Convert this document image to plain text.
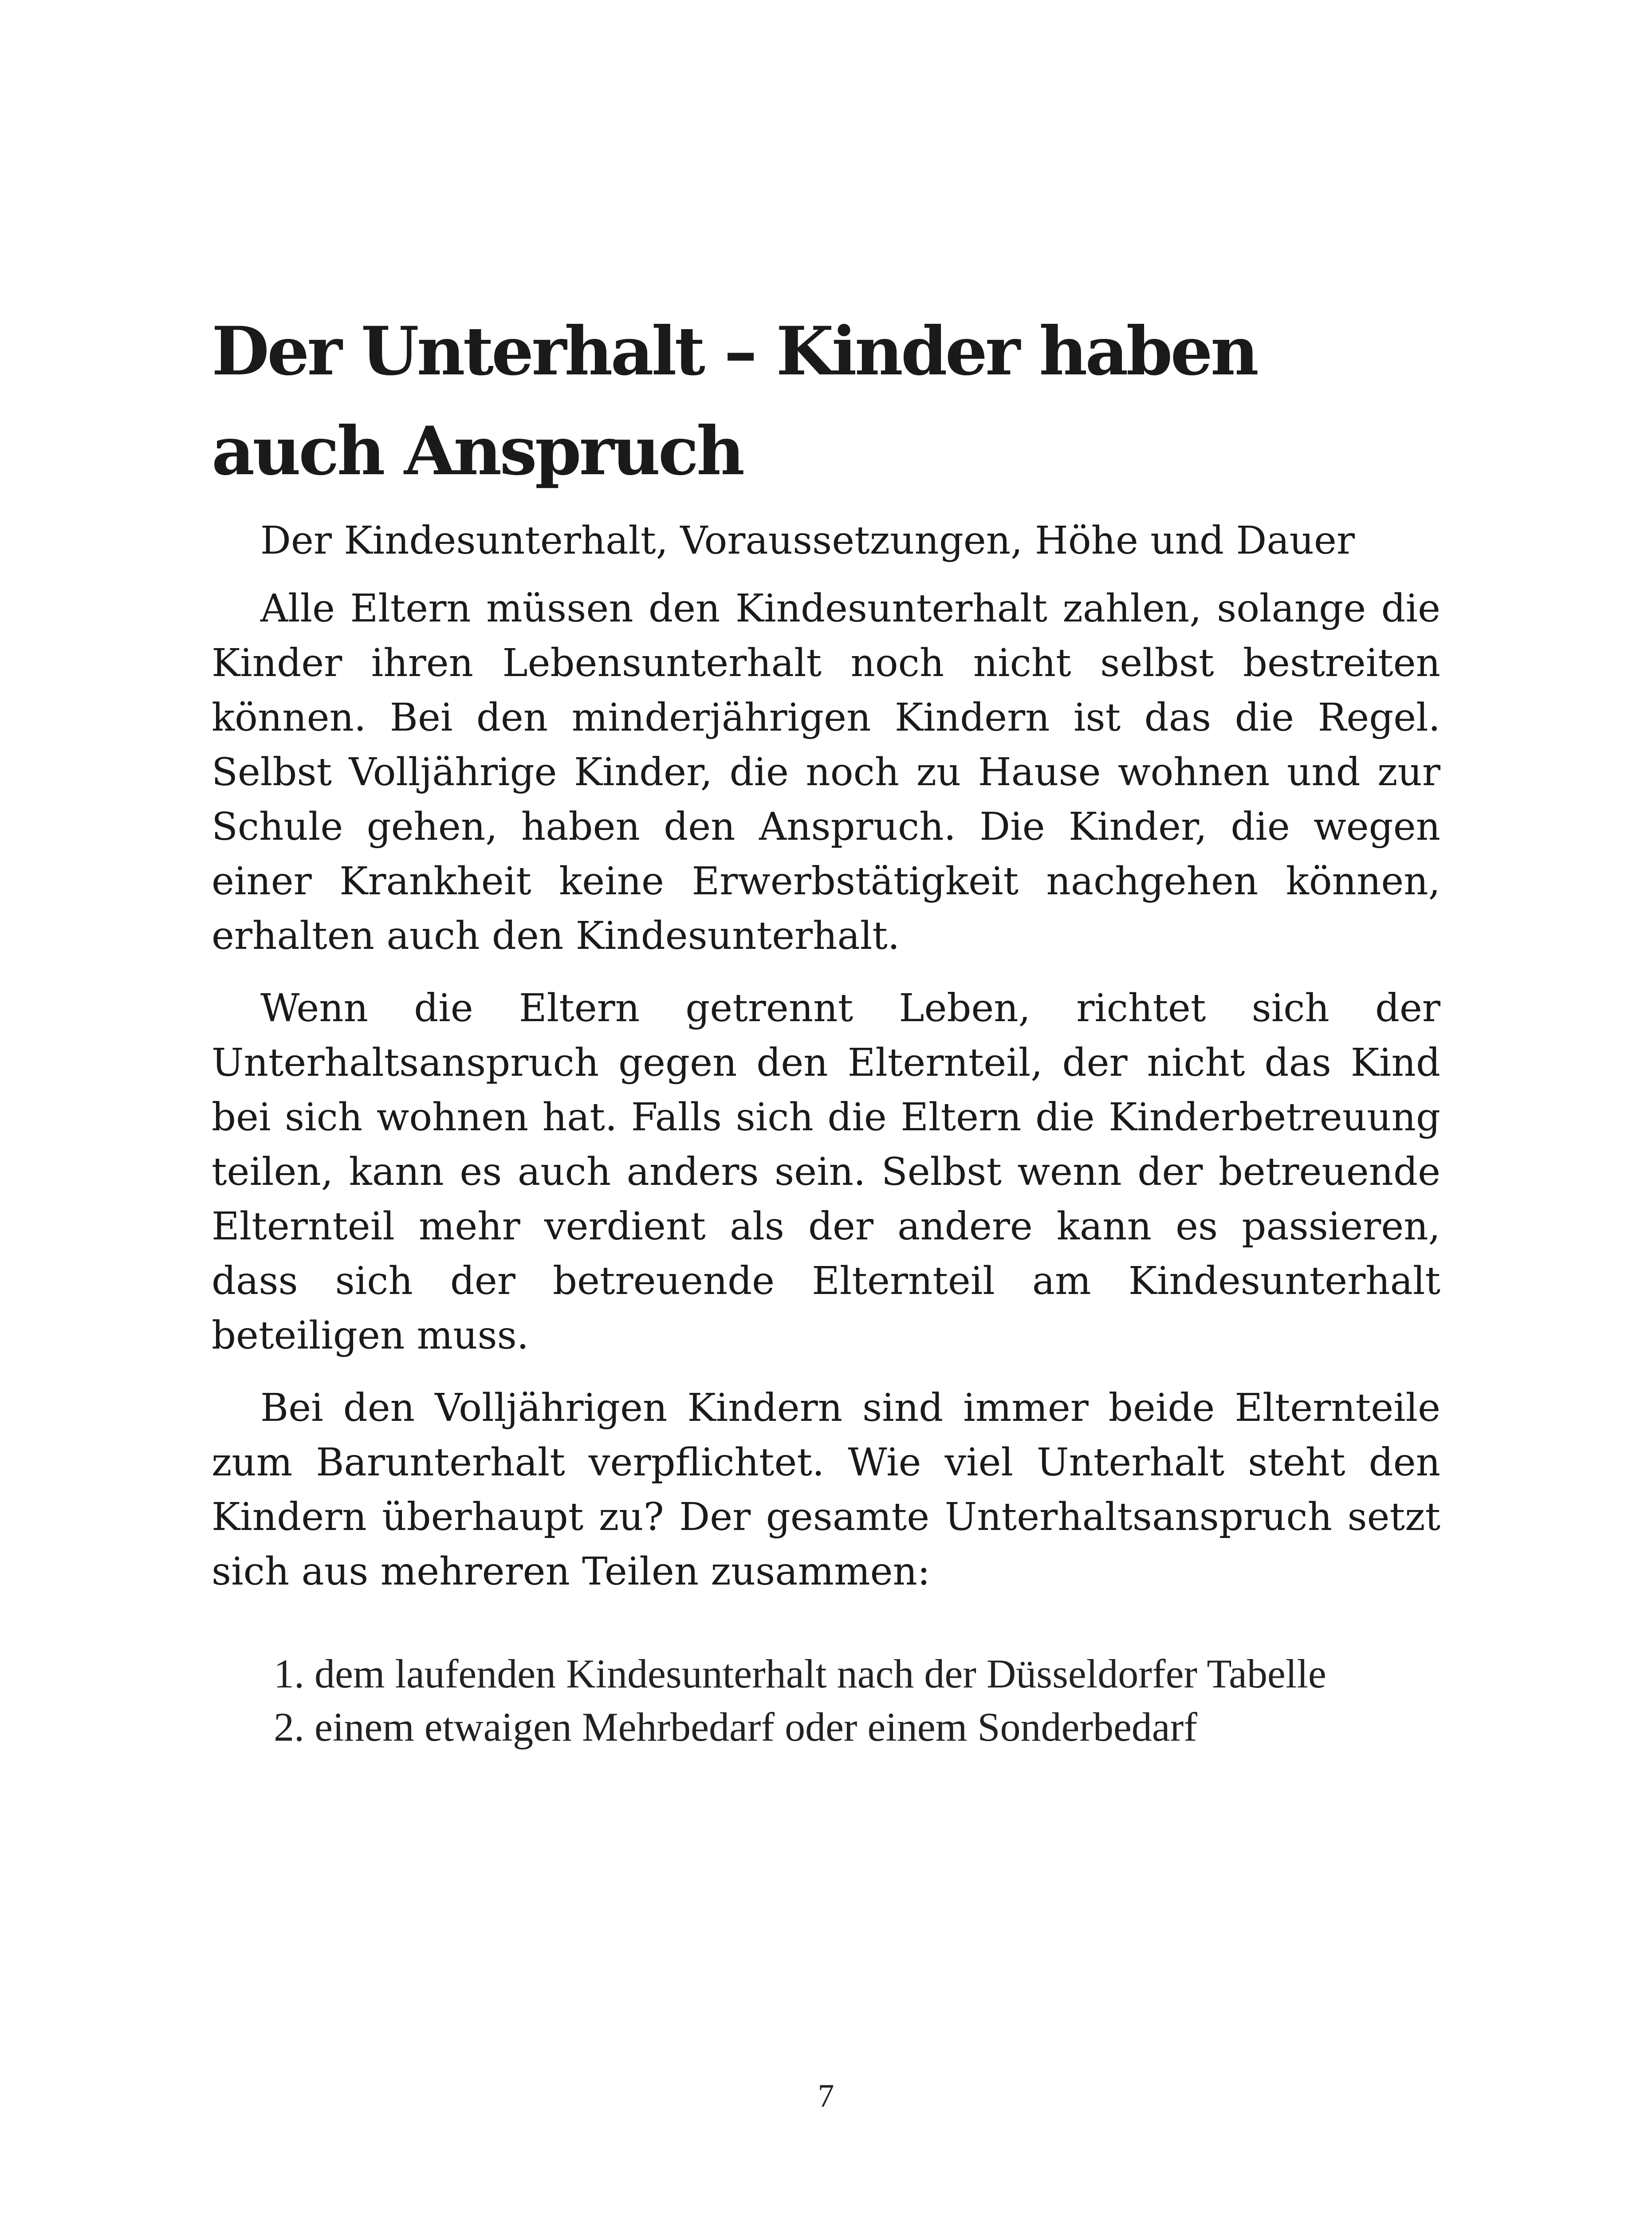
Der Unterhalt – Kinder haben auch Anspruch

Der Kindesunterhalt, Voraussetzungen, Höhe und Dauer

Alle Eltern müssen den Kindesunterhalt zahlen, solange die Kinder ihren Lebensunterhalt noch nicht selbst bestreiten können. Bei den minderjährigen Kindern ist das die Regel. Selbst Volljährige Kinder, die noch zu Hause wohnen und zur Schule gehen, haben den Anspruch. Die Kinder, die wegen einer Krankheit keine Erwerbstätigkeit nachgehen können, erhalten auch den Kindesunterhalt.

Wenn die Eltern getrennt Leben, richtet sich der Unterhaltsanspruch gegen den Elternteil, der nicht das Kind bei sich wohnen hat. Falls sich die Eltern die Kinderbetreuung teilen, kann es auch anders sein. Selbst wenn der betreuende Elternteil mehr verdient als der andere kann es passieren, dass sich der betreuende Elternteil am Kindesunterhalt beteiligen muss.

Bei den Volljährigen Kindern sind immer beide Elternteile zum Barunterhalt verpflichtet. Wie viel Unterhalt steht den Kindern überhaupt zu? Der gesamte Unterhaltsanspruch setzt sich aus mehreren Teilen zusammen:

1. dem laufenden Kindesunterhalt nach der Düsseldorfer Tabelle
2. einem etwaigen Mehrbedarf oder einem Sonderbedarf
7
